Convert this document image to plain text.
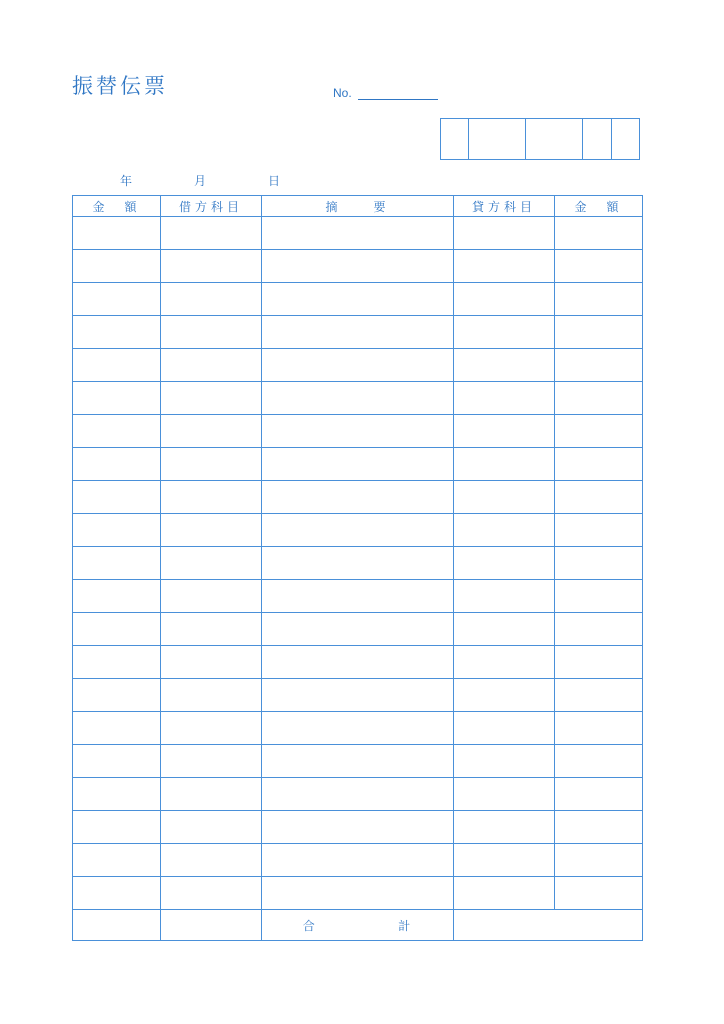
振替伝票	No.
年	月	日
金　額	借方科目	摘　　要	貸方科目	金　額

		合 計		
